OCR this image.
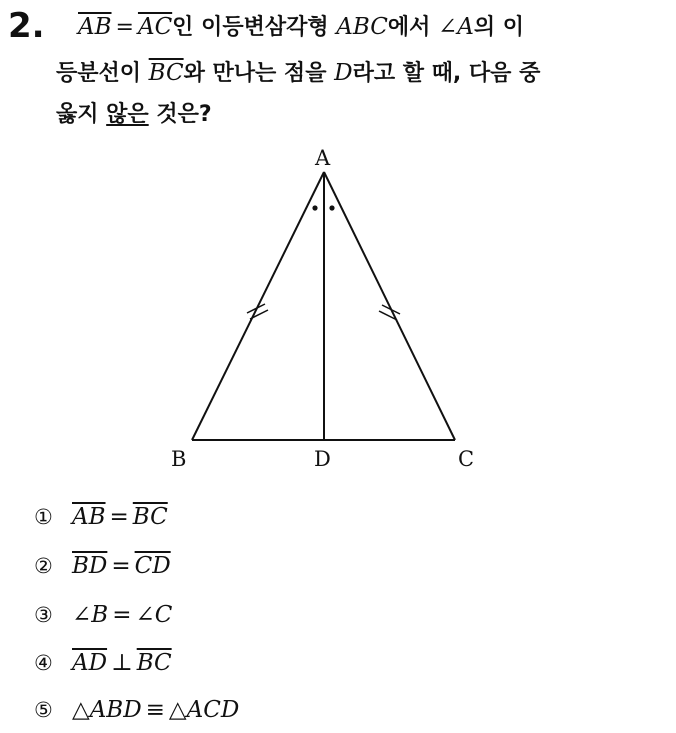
2. $\overline{AB} = \overline{AC}$인 이등변삼각형 ABC에서 ∠A의 이
등분선이 $\overline{BC}$와 만나는 점을 D라고 할 때, 다음 중
옳지 않은 것은?
A
B	D	C
① $\overline{AB} = \overline{BC}$
② $\overline{BD} = \overline{CD}$
③ ∠B = ∠C
④ $\overline{AD}$ ⊥ $\overline{BC}$
⑤ △ABD ≡ △ACD
